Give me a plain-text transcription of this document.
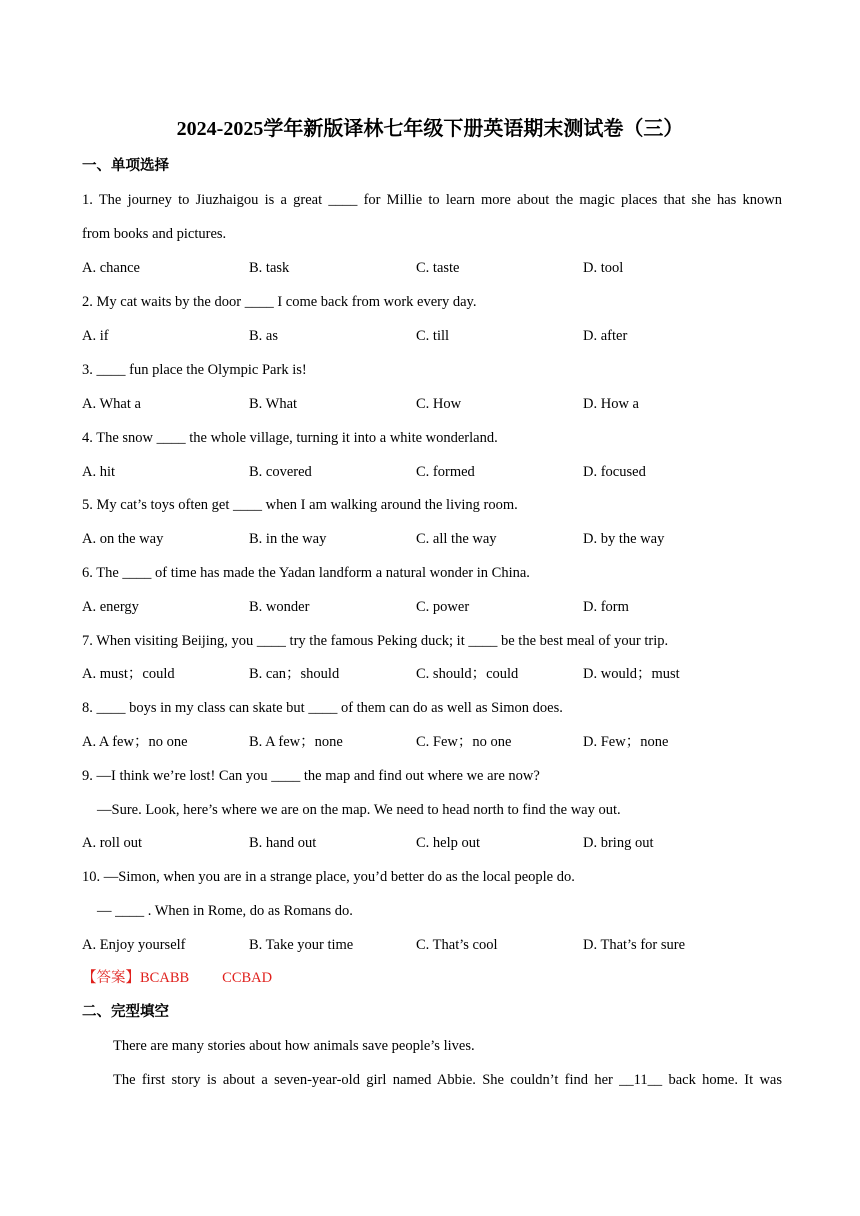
2024-2025学年新版译林七年级下册英语期末测试卷（三）
一、单项选择
1. The journey to Jiuzhaigou is a great ____ for Millie to learn more about the magic places that she has known
from books and pictures.
A. chance	B. task	C. taste	D. tool
2. My cat waits by the door ____ I come back from work every day.
A. if	B. as	C. till	D. after
3. ____ fun place the Olympic Park is!
A. What a	B. What	C. How	D. How a
4. The snow ____ the whole village, turning it into a white wonderland.
A. hit	B. covered	C. formed	D. focused
5. My cat’s toys often get ____ when I am walking around the living room.
A. on the way	B. in the way	C. all the way	D. by the way
6. The ____ of time has made the Yadan landform a natural wonder in China.
A. energy	B. wonder	C. power	D. form
7. When visiting Beijing, you ____ try the famous Peking duck; it ____ be the best meal of your trip.
A. must；could	B. can；should	C. should；could	D. would；must
8. ____ boys in my class can skate but ____ of them can do as well as Simon does.
A. A few；no one	B. A few；none	C. Few；no one	D. Few；none
9. —I think we’re lost! Can you ____ the map and find out where we are now?
—Sure. Look, here’s where we are on the map. We need to head north to find the way out.
A. roll out	B. hand out	C. help out	D. bring out
10. —Simon, when you are in a strange place, you’d better do as the local people do.
— ____ . When in Rome, do as Romans do.
A. Enjoy yourself	B. Take your time	C. That’s cool	D. That’s for sure
【答案】BCABB CCBAD
二、完型填空
There are many stories about how animals save people’s lives.
The first story is about a seven-year-old girl named Abbie. She couldn’t find her __11__ back home. It was
